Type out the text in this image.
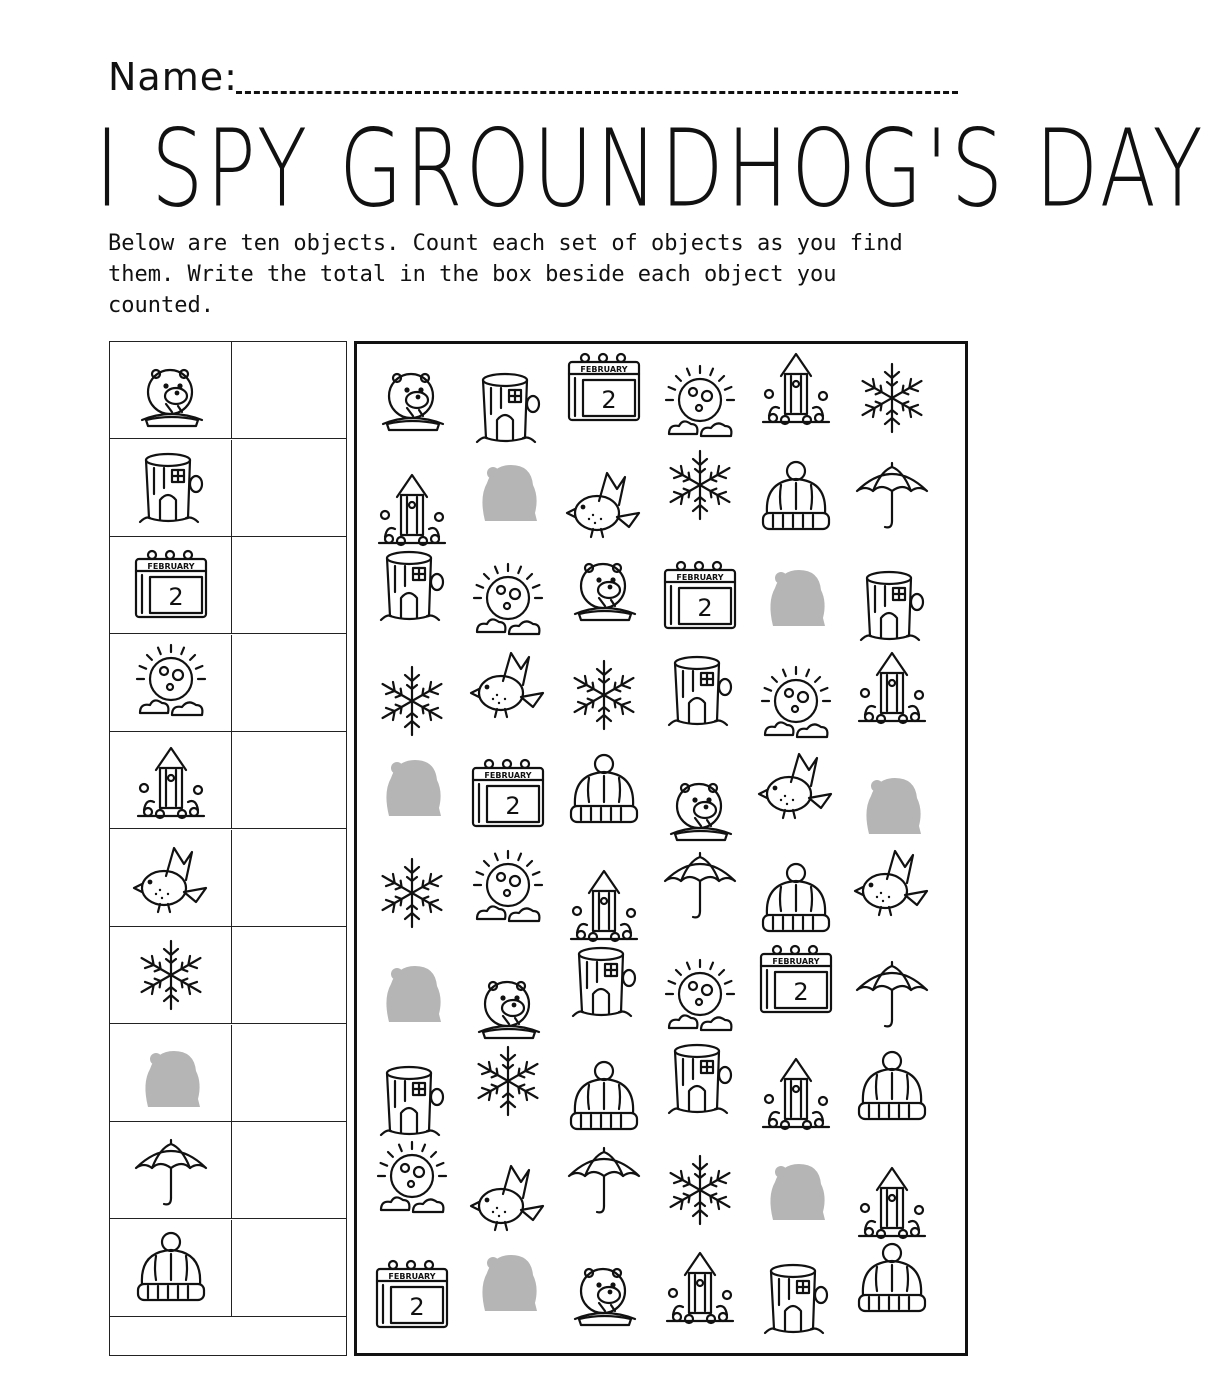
Name:
I SPY GROUNDHOG'S DAY
Below are ten objects. Count each set of objects as you find them. Write the total in the box beside each object you counted.
FEBRUARY
2
FEBRUARY
2
FEBRUARY
2
FEBRUARY
2
FEBRUARY
2
FEBRUARY
2
